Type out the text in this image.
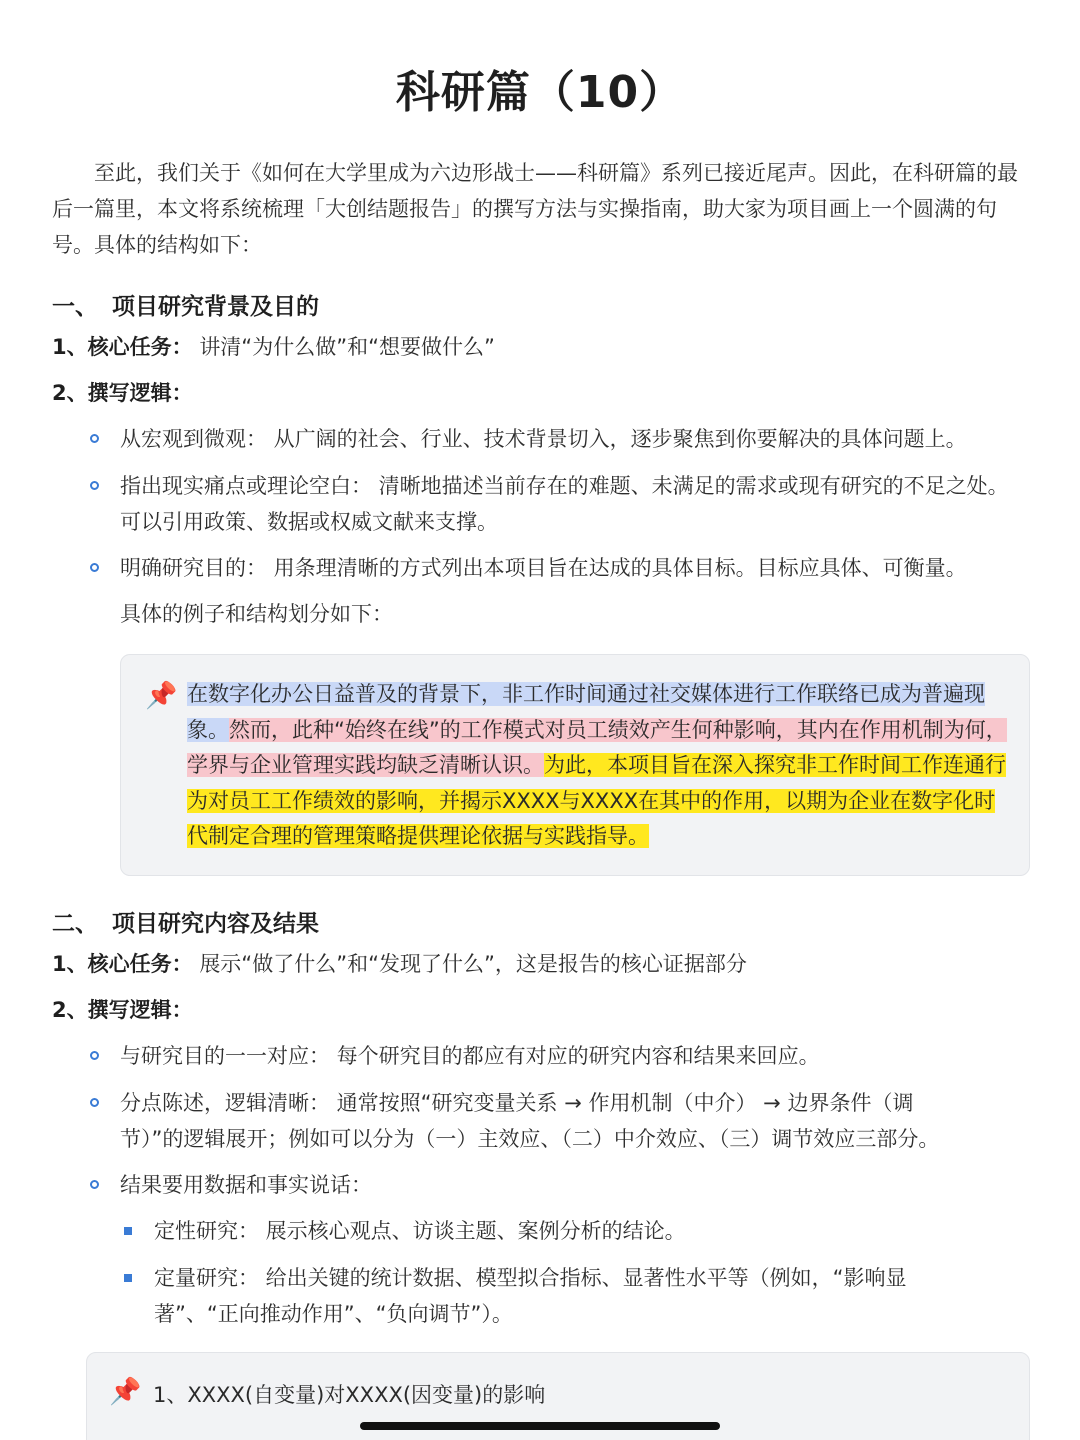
科研篇（10）

至此，我们关于《如何在大学里成为六边形战士——科研篇》系列已接近尾声。因此，在科研篇的最后一篇里，本文将系统梳理「大创结题报告」的撰写方法与实操指南，助大家为项目画上一个圆满的句号。具体的结构如下：

一、 项目研究背景及目的
1、核心任务： 讲清“为什么做”和“想要做什么”
2、撰写逻辑：
从宏观到微观： 从广阔的社会、行业、技术背景切入，逐步聚焦到你要解决的具体问题上。
指出现实痛点或理论空白： 清晰地描述当前存在的难题、未满足的需求或现有研究的不足之处。可以引用政策、数据或权威文献来支撑。
明确研究目的： 用条理清晰的方式列出本项目旨在达成的具体目标。目标应具体、可衡量。
具体的例子和结构划分如下：
📌 在数字化办公日益普及的背景下，非工作时间通过社交媒体进行工作联络已成为普遍现象。然而，此种“始终在线”的工作模式对员工绩效产生何种影响，其内在作用机制为何，学界与企业管理实践均缺乏清晰认识。为此，本项目旨在深入探究非工作时间工作连通行为对员工工作绩效的影响，并揭示XXXX与XXXX在其中的作用，以期为企业在数字化时代制定合理的管理策略提供理论依据与实践指导。
二、 项目研究内容及结果
1、核心任务： 展示“做了什么”和“发现了什么”，这是报告的核心证据部分
2、撰写逻辑：
与研究目的一一对应： 每个研究目的都应有对应的研究内容和结果来回应。
分点陈述，逻辑清晰： 通常按照“研究变量关系 → 作用机制（中介） → 边界条件（调节）”的逻辑展开；例如可以分为（一）主效应、（二）中介效应、（三）调节效应三部分。
结果要用数据和事实说话：
定性研究： 展示核心观点、访谈主题、案例分析的结论。
定量研究： 给出关键的统计数据、模型拟合指标、显著性水平等（例如，“影响显著”、“正向推动作用”、“负向调节”）。
📌 1、XXXX(自变量)对XXXX(因变量)的影响
